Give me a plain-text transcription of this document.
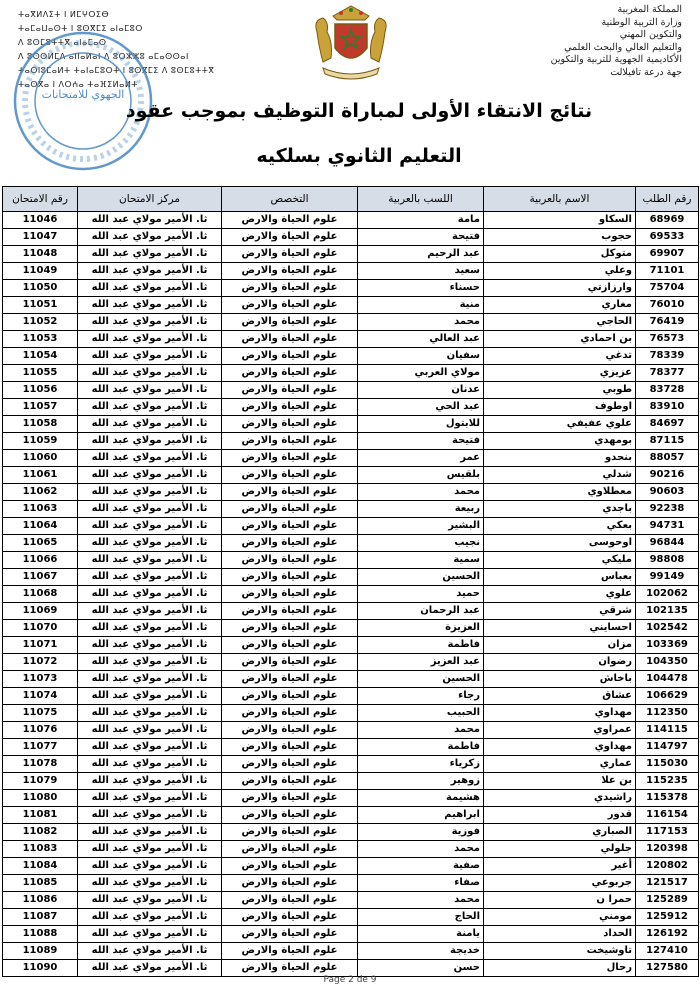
المملكة المغربية
وزارة التربية الوطنية
والتكوين المهني
والتعليم العالي والبحث العلمي
الأكاديمية الجهوية للتربية والتكوين
جهة درعة تافيلالت
ⵜⴰⴳⵍⴷⵉⵜ ⵏ ⵍⵎⵖⵔⵉⴱ
ⵜⴰⵎⴰⵡⴰⵙⵜ ⵏ ⵓⵙⴳⵎⵉ ⴰⵏⴰⵎⵓⵔ
ⴷ ⵓⵙⵎⵓⵜⵜⴳ ⴰⵏⴰⵎⴰⵙ
ⴷ ⵓⵙⵙⵍⵎⴷ ⴰⵏⵏⴰⵍⴰⵏ ⴷ ⵓⵔⵣⵣⵓ ⴰⵎⴰⵙⵙⴰⵏ
ⵜⴰⵙⵏⵓⵎⴰⵍⵜ ⵜⴰⵏⴰⵎⵓⵔⵜ ⵏ ⵓⵙⴳⵎⵉ ⴷ ⵓⵙⵎⵓⵜⵜⴳ
ⵜⴰⵙⴳⴰ ⵏ ⴷⵔⵄⴰ ⵜⴰⴼⵉⵍⴰⵍⵜ
الجهوي للامتحانات
نتائج الانتقاء الأولى لمباراة التوظيف بموجب عقود
التعليم الثانوي بسلكيه
رقم الطلب	الاسم بالعربية	اللسب بالعربية	التخصص	مركز الامتحان	رقم الامتحان
68969	السكاو	مامة	علوم الحياة والارض	ثا. الأمير مولاي عبد الله	11046
69533	حجوب	فتيحة	علوم الحياة والارض	ثا. الأمير مولاي عبد الله	11047
69907	متوكل	عبد الرحيم	علوم الحياة والارض	ثا. الأمير مولاي عبد الله	11048
71101	وعلي	سعيد	علوم الحياة والارض	ثا. الأمير مولاي عبد الله	11049
75704	وارزازتي	حسناء	علوم الحياة والارض	ثا. الأمير مولاي عبد الله	11050
76010	مغاري	منية	علوم الحياة والارض	ثا. الأمير مولاي عبد الله	11051
76419	الحاجي	محمد	علوم الحياة والارض	ثا. الأمير مولاي عبد الله	11052
76573	بن احمادي	عبد العالي	علوم الحياة والارض	ثا. الأمير مولاي عبد الله	11053
78339	تدغي	سفيان	علوم الحياة والارض	ثا. الأمير مولاي عبد الله	11054
78377	عزيزي	مولاي العربي	علوم الحياة والارض	ثا. الأمير مولاي عبد الله	11055
83728	طوبي	عدنان	علوم الحياة والارض	ثا. الأمير مولاي عبد الله	11056
83910	اوطوف	عبد الحي	علوم الحياة والارض	ثا. الأمير مولاي عبد الله	11057
84697	علوي عفيفي	للابتول	علوم الحياة والارض	ثا. الأمير مولاي عبد الله	11058
87115	بومهدي	فتيحة	علوم الحياة والارض	ثا. الأمير مولاي عبد الله	11059
88057	بنحدو	عمر	علوم الحياة والارض	ثا. الأمير مولاي عبد الله	11060
90216	شدلي	بلقيس	علوم الحياة والارض	ثا. الأمير مولاي عبد الله	11061
90603	معطلاوي	محمد	علوم الحياة والارض	ثا. الأمير مولاي عبد الله	11062
92238	باجدي	ربيعة	علوم الحياة والارض	ثا. الأمير مولاي عبد الله	11063
94731	بعكي	البشير	علوم الحياة والارض	ثا. الأمير مولاي عبد الله	11064
96844	اوحوسى	نجيب	علوم الحياة والارض	ثا. الأمير مولاي عبد الله	11065
98808	مليكي	سمية	علوم الحياة والارض	ثا. الأمير مولاي عبد الله	11066
99149	بعباس	الحسين	علوم الحياة والارض	ثا. الأمير مولاي عبد الله	11067
102062	علوي	حميد	علوم الحياة والارض	ثا. الأمير مولاي عبد الله	11068
102135	شرقي	عبد الرحمان	علوم الحياة والارض	ثا. الأمير مولاي عبد الله	11069
102542	احسايني	العزيزة	علوم الحياة والارض	ثا. الأمير مولاي عبد الله	11070
103369	مزان	فاطمة	علوم الحياة والارض	ثا. الأمير مولاي عبد الله	11071
104350	رضوان	عبد العزيز	علوم الحياة والارض	ثا. الأمير مولاي عبد الله	11072
104478	باخاش	الحسين	علوم الحياة والارض	ثا. الأمير مولاي عبد الله	11073
106629	عشاق	رجاء	علوم الحياة والارض	ثا. الأمير مولاي عبد الله	11074
112350	مهداوي	الحبيب	علوم الحياة والارض	ثا. الأمير مولاي عبد الله	11075
114115	عمراوي	محمد	علوم الحياة والارض	ثا. الأمير مولاي عبد الله	11076
114797	مهداوي	فاطمة	علوم الحياة والارض	ثا. الأمير مولاي عبد الله	11077
115030	عماري	زكرياء	علوم الحياة والارض	ثا. الأمير مولاي عبد الله	11078
115235	بن علا	زوهير	علوم الحياة والارض	ثا. الأمير مولاي عبد الله	11079
115378	راشيدي	هشيمة	علوم الحياة والارض	ثا. الأمير مولاي عبد الله	11080
116154	قدور	ابراهيم	علوم الحياة والارض	ثا. الأمير مولاي عبد الله	11081
117153	الصباري	فوزية	علوم الحياة والارض	ثا. الأمير مولاي عبد الله	11082
120398	جلولي	محمد	علوم الحياة والارض	ثا. الأمير مولاي عبد الله	11083
120802	أغير	صفية	علوم الحياة والارض	ثا. الأمير مولاي عبد الله	11084
121517	جربوعي	صفاء	علوم الحياة والارض	ثا. الأمير مولاي عبد الله	11085
125289	حمرا ن	محمد	علوم الحياة والارض	ثا. الأمير مولاي عبد الله	11086
125912	مومني	الحاج	علوم الحياة والارض	ثا. الأمير مولاي عبد الله	11087
126192	الحداد	يامنة	علوم الحياة والارض	ثا. الأمير مولاي عبد الله	11088
127410	تاوشيخت	خديجة	علوم الحياة والارض	ثا. الأمير مولاي عبد الله	11089
127580	رحال	حسن	علوم الحياة والارض	ثا. الأمير مولاي عبد الله	11090
Page 2 de 9
